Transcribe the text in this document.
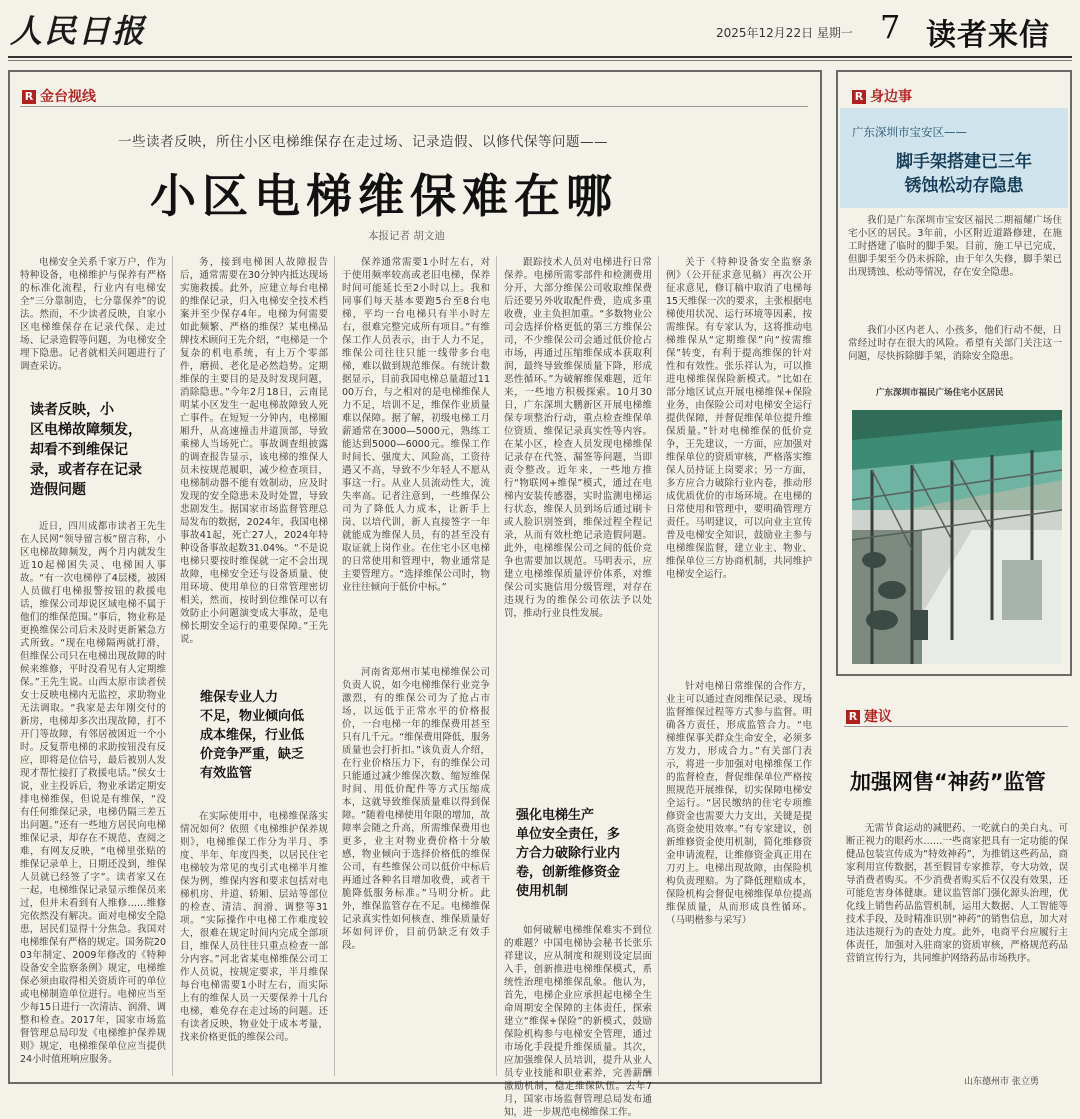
人民日报	2025年12月22日 星期一 7 读者来信
R 金台视线
一些读者反映，所住小区电梯维保存在走过场、记录造假、以修代保等问题——
小区电梯维保难在哪
本报记者 胡文迪

电梯安全关系千家万户，作为特种设备，电梯维护与保养有严格的标准化流程，行业内有电梯安全“三分靠制造，七分靠保养”的说法。然而，不少读者反映，自家小区电梯维保存在记录代保、走过场、记录造假等问题，为电梯安全埋下隐患。记者就相关问题进行了调查采访。

读者反映，小
区电梯故障频发，
却看不到维保记
录，或者存在记录
造假问题

近日，四川成都市读者王先生在人民网“领导留言板”留言称，小区电梯故障频发，两个月内就发生近10起梯困失灵、电梯困人事故。“有一次电梯停了4层楼，被困人员做打电梯报警按钮的救援电话，维保公司却说区域电梯不属于他们的维保范围。”事后，物业称是更换维保公司后未及时更新紧急方式所致。“现在电梯隔两就打滑，但维保公司只在电梯出现故障的时候来维修，平时没看见有人定期维保。”王先生说。山西太原市读者侯女士反映电梯内无监控，求助物业无法调取。“我家是去年刚交付的新房，电梯却多次出现故障，打不开门等故障，有邻居被困近一个小时。反复帮电梯的求助按钮没有反应，即将是位信号，最后被别人发现才帮忙接打了救援电话。”侯女士说，业主投诉后，物业承诺定期安排电梯维保，但说是有维保，“没有任何维保记录，电梯仍隔三差五出问题。”还有一些地方居民向电梯维保记录，却存在不规范、查阅之难，有网友反映，“电梯里张贴的维保记录单上，日期还没到，维保人员就已经签了字”。读者家又在一起，电梯维保记录显示维保员来过，但并未看到有人维修……维修完依然没有解决。面对电梯安全隐患，居民们显得十分焦急。我国对电梯维保有严格的规定。国务院2003年制定、2009年修改的《特种设备安全监察条例》规定，电梯维保必须由取得相关资质许可的单位或电梯制造单位进行。电梯应当至少每15日进行一次清洁、润滑、调整和检查。2017年，国家市场监督管理总局印发《电梯维护保养规则》规定，电梯维保单位应当提供24小时值班响应服务。

务，接到电梯困人故障报告后，通常需要在30分钟内抵达现场实施救援。此外，应建立每台电梯的维保记录，归入电梯安全技术档案并至少保存4年。电梯为何需要如此频繁、严格的维保？某电梯品牌技术顾问王先介绍，“电梯是一个复杂的机电系统，有上万个零部件，磨损、老化是必然趋势。定期维保的主要目的是及时发现问题，消除隐患。”今年2月18日，云南昆明某小区发生一起电梯故障致人死亡事件。在短短一分钟内，电梯厢厢升，从高速撞击井道顶部，导致乘梯人当场死亡。事故调查组披露的调查报告显示，该电梯的维保人员未按规范履职，减少检查项目，电梯制动器不能有效制动，应及时发现的安全隐患未及时处置，导致悲剧发生。据国家市场监督管理总局发布的数据，2024年，我国电梯事故41起，死亡27人，2024年特种设备事故起数31.04%。“不是说电梯只要按时维保就一定不会出现故障，电梯安全还与设备质量、使用环境、使用单位的日常管理密切相关，然而，按时到位维保可以有效防止小问题演变成大事故，是电梯长期安全运行的重要保障。”王先说。

维保专业人力
不足，物业倾向低
成本维保，行业低
价竞争严重，缺乏
有效监管

在实际使用中，电梯维保落实情况如何？依照《电梯维护保养规则》，电梯维保工作分为半月、季度、半年、年度四类，以居民住宅电梯较为常见的曳引式电梯半月维保为例，维保内容和要求包括对电梯机房、井道、轿厢、层站等部位的检查、清洁、润滑、调整等31项。“实际操作中电梯工作难度较大，很难在规定时间内完成全部项目，维保人员往往只重点检查一部分内容。”河北省某电梯维保公司工作人员说，按规定要求，半月维保每台电梯需要1小时左右，而实际上有的维保人员一天要保养十几台电梯，难免存在走过场的问题。还有读者反映，物业处于成本考量，找来价格更低的维保公司。

保养通常需要1小时左右，对于使用频率较高或老旧电梯，保养时间可能延长至2小时以上。我和同事们每天基本要跑5台至8台电梯，平均一台电梯只有半小时左右，很难完整完成所有项目。”有维保工作人员表示，由于人力不足，维保公司往往只能一线带多台电梯，难以做到规范维保。有统计数据显示，目前我国电梯总量超过1100万台，与之相对的是电梯维保人力不足，培训不足，维保作业质量难以保障。据了解，初级电梯工月薪通常在3000—5000元，熟练工能达到5000—6000元。维保工作时间长、强度大、风险高，工资待遇又不高，导致不少年轻人不愿从事这一行。从业人员流动性大，流失率高。记者注意到，一些维保公司为了降低人力成本，让新手上岗、以培代训，新人直接签字一年就能成为维保人员，有的甚至没有取证就上岗作业。在住宅小区电梯的日常使用和管理中，物业通常是主要管理方。“选择维保公司时，物业往往倾向于低价中标。”

河南省郑州市某电梯维保公司负责人说，如今电梯维保行业竞争激烈，有的维保公司为了抢占市场，以远低于正常水平的价格报价，一台电梯一年的维保费用甚至只有几千元。“维保费用降低，服务质量也会打折扣。”该负责人介绍，在行业价格压力下，有的维保公司只能通过减少维保次数、缩短维保时间、用低价配件等方式压缩成本，这就导致维保质量难以得到保障。“随着电梯使用年限的增加，故障率会随之升高，所需维保费用也更多，业主对物业费价格十分敏感，物业倾向于选择价格低的维保公司，有些维保公司以低价中标后再通过各种名目增加收费，或者干脆降低服务标准。”马明分析。此外，维保监管存在不足。电梯维保记录真实性如何核查、维保质量好坏如何评价，目前仍缺乏有效手段。

跟踪技术人员对电梯进行日常保养。电梯所需零部件和检测费用分开，大部分维保公司收取维保费后还要另外收取配件费，造成多重收费，业主负担加重。“多数物业公司会选择价格更低的第三方维保公司，不少维保公司会通过低价抢占市场，再通过压缩维保成本获取利润，最终导致维保质量下降，形成恶性循环。”为破解维保难题，近年来，一些地方积极探索。10月30日，广东深圳大鹏新区开展电梯维保专项整治行动，重点检查维保单位资质、维保记录真实性等内容。在某小区，检查人员发现电梯维保记录存在代签、漏签等问题，当即责令整改。近年来，一些地方推行“物联网+维保”模式，通过在电梯内安装传感器，实时监测电梯运行状态，维保人员到场后通过刷卡或人脸识别签到，维保过程全程记录，从而有效杜绝记录造假问题。此外，电梯维保公司之间的低价竞争也需要加以规范。马明表示，应建立电梯维保质量评价体系，对维保公司实施信用分级管理，对存在违规行为的维保公司依法予以处罚，推动行业良性发展。

强化电梯生产
单位安全责任，多
方合力破除行业内
卷，创新维修资金
使用机制

如何破解电梯维保难实不到位的难题？中国电梯协会秘书长张乐祥建议，应从制度和规则设定层面入手，创新推进电梯维保模式，系统性治理电梯维保乱象。他认为，首先，电梯企业应承担起电梯全生命周期安全保障的主体责任，探索建立“维保+保险”的新模式，鼓励保险机构参与电梯安全管理，通过市场化手段提升维保质量。其次，应加强维保人员培训，提升从业人员专业技能和职业素养，完善薪酬激励机制，稳定维保队伍。去年7月，国家市场监督管理总局发布通知，进一步规范电梯维保工作。

关于《特种设备安全监察条例》（公开征求意见稿）再次公开征求意见，修订稿中取消了电梯每15天维保一次的要求，主张根据电梯使用状况、运行环境等因素，按需维保。有专家认为，这将推动电梯维保从“定期维保”向“按需维保”转变，有利于提高维保的针对性和有效性。张乐祥认为，可以推进电梯维保保险新模式。“比如在部分地区试点开展电梯维保+保险业务，由保险公司对电梯安全运行提供保障，并督促维保单位提升维保质量。”针对电梯维保的低价竞争，王先建议，一方面，应加强对维保单位的资质审核，严格落实维保人员持证上岗要求；另一方面，多方应合力破除行业内卷，推动形成优质优价的市场环境。在电梯的日常使用和管理中，要明确管理方责任。马明建议，可以向业主宣传普及电梯安全知识，鼓励业主参与电梯维保监督，建立业主、物业、维保单位三方协商机制，共同维护电梯安全运行。

针对电梯日常维保的合作方，业主可以通过查阅维保记录、现场监督维保过程等方式参与监督。明确各方责任，形成监管合力。“电梯维保事关群众生命安全，必须多方发力，形成合力。”有关部门表示，将进一步加强对电梯维保工作的监督检查，督促维保单位严格按照规范开展维保，切实保障电梯安全运行。“居民缴纳的住宅专项维修资金也需要大力支出，关键是提高资金使用效率。”有专家建议，创新维修资金使用机制，简化维修资金申请流程，让维修资金真正用在刀刃上。电梯出现故障，由保险机构负责理赔。为了降低理赔成本，保险机构会督促电梯维保单位提高维保质量，从而形成良性循环。（马明楷参与采写）

R 身边事
广东深圳市宝安区——
脚手架搭建已三年
锈蚀松动存隐患

我们是广东深圳市宝安区福民二期福耀广场住宅小区的居民。3年前，小区附近道路修建，在施工时搭建了临时的脚手架。目前，施工早已完成，但脚手架至今仍未拆除，由于年久失修，脚手架已出现锈蚀、松动等情况，存在安全隐患。

我们小区内老人、小孩多，他们行动不便，日常经过时存在很大的风险。希望有关部门关注这一问题，尽快拆除脚手架，消除安全隐患。

广东深圳市福民广场住宅小区居民
R 建议
加强网售“神药”监管

无需节食运动的减肥药、一吃就白的美白丸、可断正视力的眼药水……一些商家把具有一定功能的保健品包装宣传成为“特效神药”，为推销这些药品，商家利用宣传数据，甚至假冒专家推荐，夸大功效，误导消费者购买。不少消费者购买后不仅没有效果，还可能危害身体健康。建议监管部门强化源头治理，优化线上销售药品监管机制，运用大数据、人工智能等技术手段，及时精准识别“神药”的销售信息，加大对违法违规行为的查处力度。此外，电商平台应履行主体责任，加强对入驻商家的资质审核，严格规范药品营销宣传行为，共同维护网络药品市场秩序。

山东德州市 张立勇
